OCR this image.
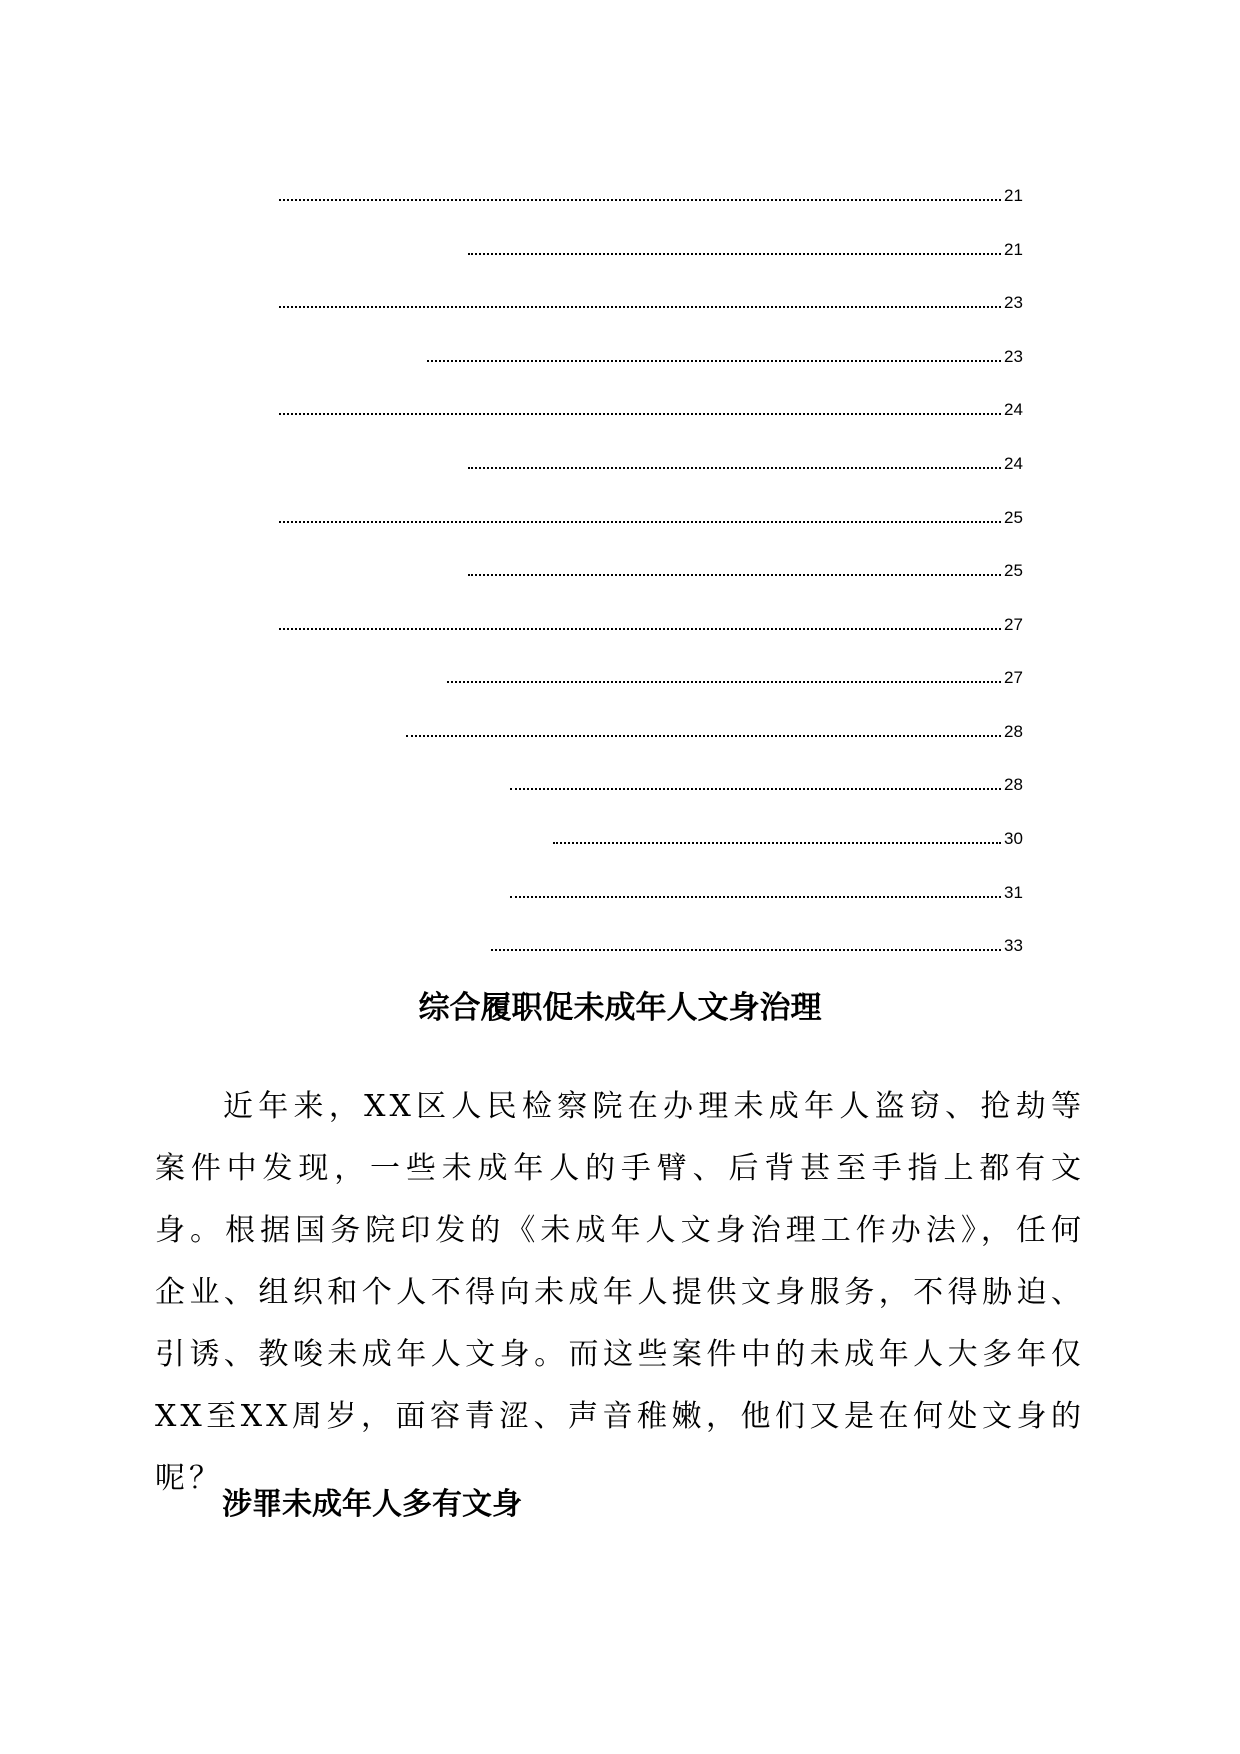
21
21
23
23
24
24
25
25
27
27
28
28
30
31
33
综合履职促未成年人文身治理

近年来，XX区人民检察院在办理未成年人盗窃、抢劫等案件中发现，一些未成年人的手臂、后背甚至手指上都有文身。根据国务院印发的《未成年人文身治理工作办法》，任何企业、组织和个人不得向未成年人提供文身服务，不得胁迫、引诱、教唆未成年人文身。而这些案件中的未成年人大多年仅XX至XX周岁，面容青涩、声音稚嫩，他们又是在何处文身的呢？

涉罪未成年人多有文身
